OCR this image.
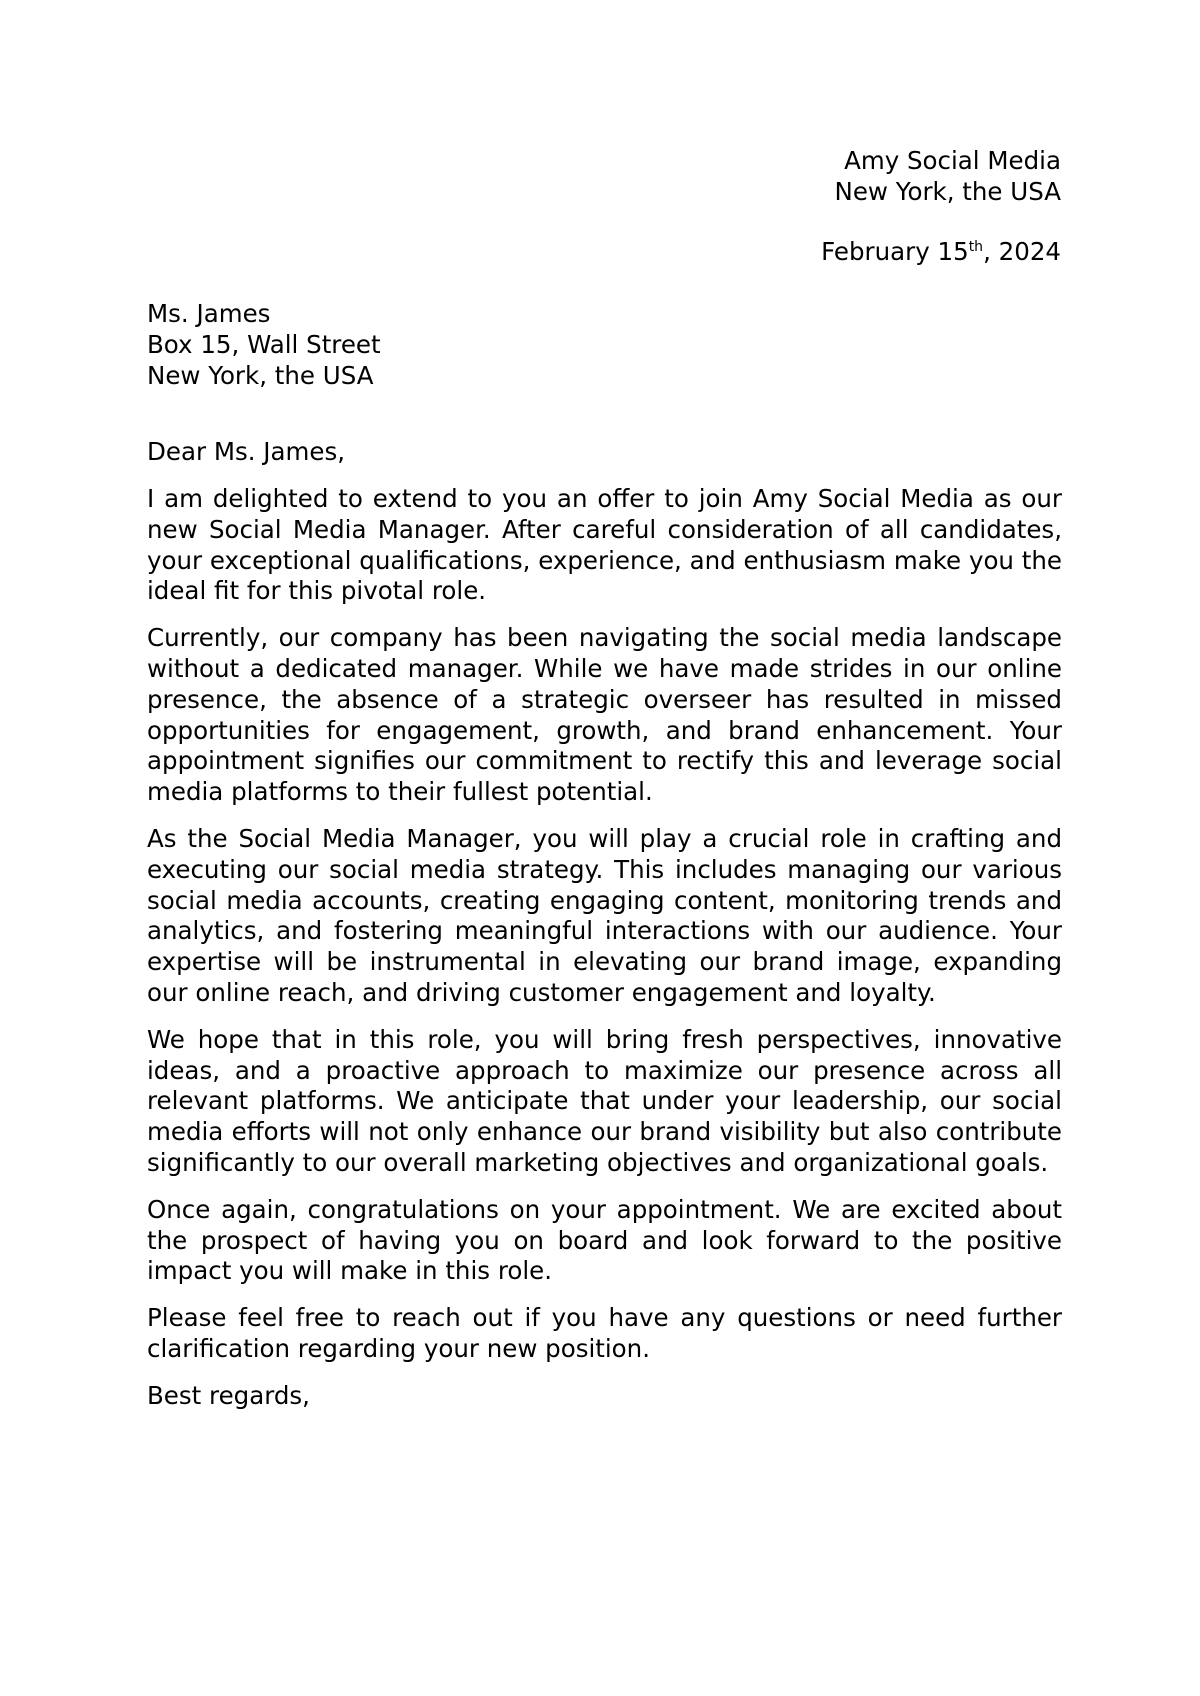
Amy Social Media
New York, the USA
February 15th, 2024
Ms. James
Box 15, Wall Street
New York, the USA
Dear Ms. James,

I am delighted to extend to you an offer to join Amy Social Media as our new Social Media Manager. After careful consideration of all candidates, your exceptional qualifications, experience, and enthusiasm make you the ideal fit for this pivotal role.

Currently, our company has been navigating the social media landscape without a dedicated manager. While we have made strides in our online presence, the absence of a strategic overseer has resulted in missed opportunities for engagement, growth, and brand enhancement. Your appointment signifies our commitment to rectify this and leverage social media platforms to their fullest potential.

As the Social Media Manager, you will play a crucial role in crafting and executing our social media strategy. This includes managing our various social media accounts, creating engaging content, monitoring trends and analytics, and fostering meaningful interactions with our audience. Your expertise will be instrumental in elevating our brand image, expanding our online reach, and driving customer engagement and loyalty.

We hope that in this role, you will bring fresh perspectives, innovative ideas, and a proactive approach to maximize our presence across all relevant platforms. We anticipate that under your leadership, our social media efforts will not only enhance our brand visibility but also contribute significantly to our overall marketing objectives and organizational goals.

Once again, congratulations on your appointment. We are excited about the prospect of having you on board and look forward to the positive impact you will make in this role.

Please feel free to reach out if you have any questions or need further clarification regarding your new position.

Best regards,
